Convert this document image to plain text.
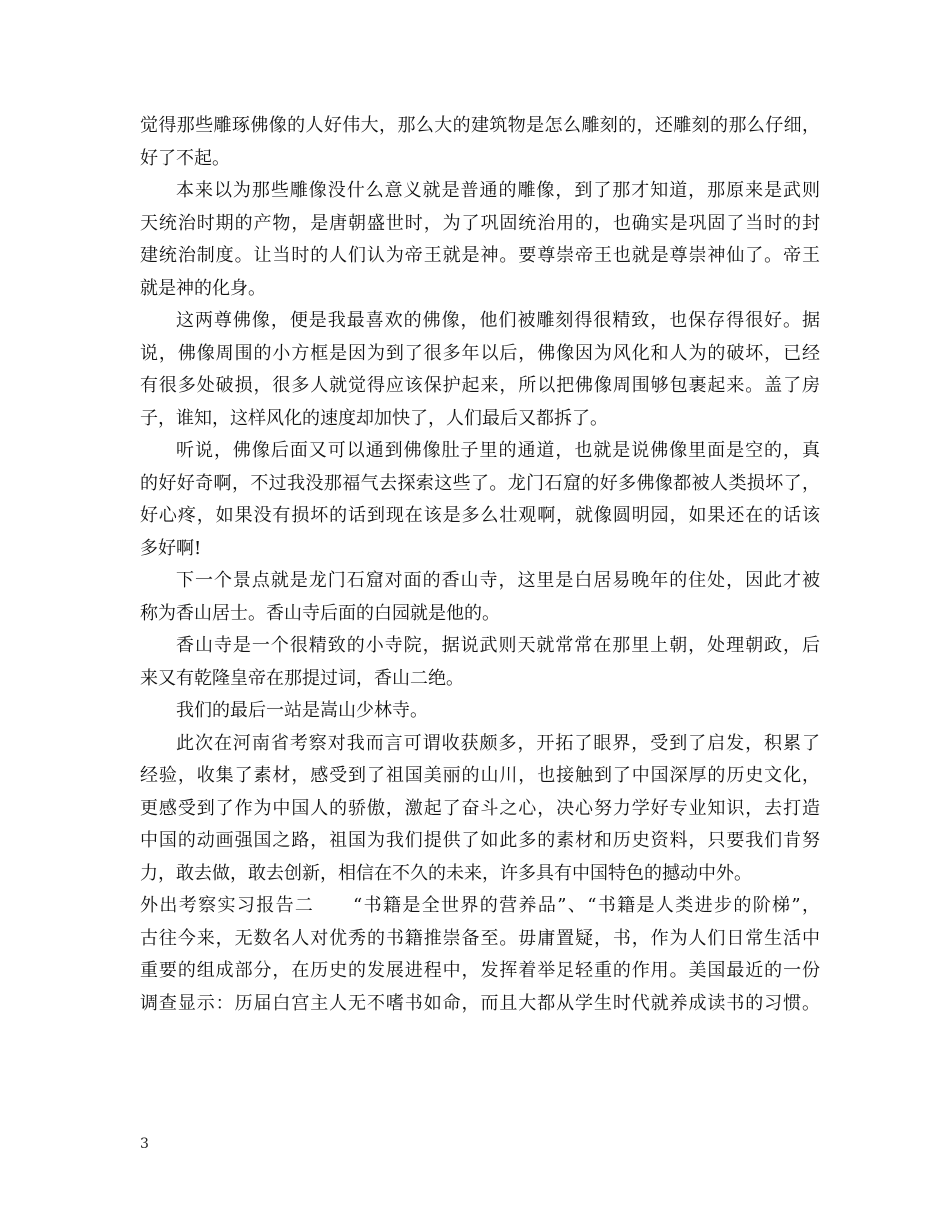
觉得那些雕琢佛像的人好伟大，那么大的建筑物是怎么雕刻的，还雕刻的那么仔细，
好了不起。
本来以为那些雕像没什么意义就是普通的雕像，到了那才知道，那原来是武则
天统治时期的产物，是唐朝盛世时，为了巩固统治用的，也确实是巩固了当时的封
建统治制度。让当时的人们认为帝王就是神。要尊崇帝王也就是尊崇神仙了。帝王
就是神的化身。
这两尊佛像，便是我最喜欢的佛像，他们被雕刻得很精致，也保存得很好。据
说，佛像周围的小方框是因为到了很多年以后，佛像因为风化和人为的破坏，已经
有很多处破损，很多人就觉得应该保护起来，所以把佛像周围够包裹起来。盖了房
子，谁知，这样风化的速度却加快了，人们最后又都拆了。
听说，佛像后面又可以通到佛像肚子里的通道，也就是说佛像里面是空的，真
的好好奇啊，不过我没那福气去探索这些了。龙门石窟的好多佛像都被人类损坏了，
好心疼，如果没有损坏的话到现在该是多么壮观啊，就像圆明园，如果还在的话该
多好啊!
下一个景点就是龙门石窟对面的香山寺，这里是白居易晚年的住处，因此才被
称为香山居士。香山寺后面的白园就是他的。
香山寺是一个很精致的小寺院，据说武则天就常常在那里上朝，处理朝政，后
来又有乾隆皇帝在那提过词，香山二绝。
我们的最后一站是嵩山少林寺。
此次在河南省考察对我而言可谓收获颇多，开拓了眼界，受到了启发，积累了
经验，收集了素材，感受到了祖国美丽的山川，也接触到了中国深厚的历史文化，
更感受到了作为中国人的骄傲，激起了奋斗之心，决心努力学好专业知识，去打造
中国的动画强国之路，祖国为我们提供了如此多的素材和历史资料，只要我们肯努
力，敢去做，敢去创新，相信在不久的未来，许多具有中国特色的撼动中外。
外出考察实习报告二　　“书籍是全世界的营养品”、“书籍是人类进步的阶梯”，
古往今来，无数名人对优秀的书籍推崇备至。毋庸置疑，书，作为人们日常生活中
重要的组成部分，在历史的发展进程中，发挥着举足轻重的作用。美国最近的一份
调查显示：历届白宫主人无不嗜书如命，而且大都从学生时代就养成读书的习惯。
3
